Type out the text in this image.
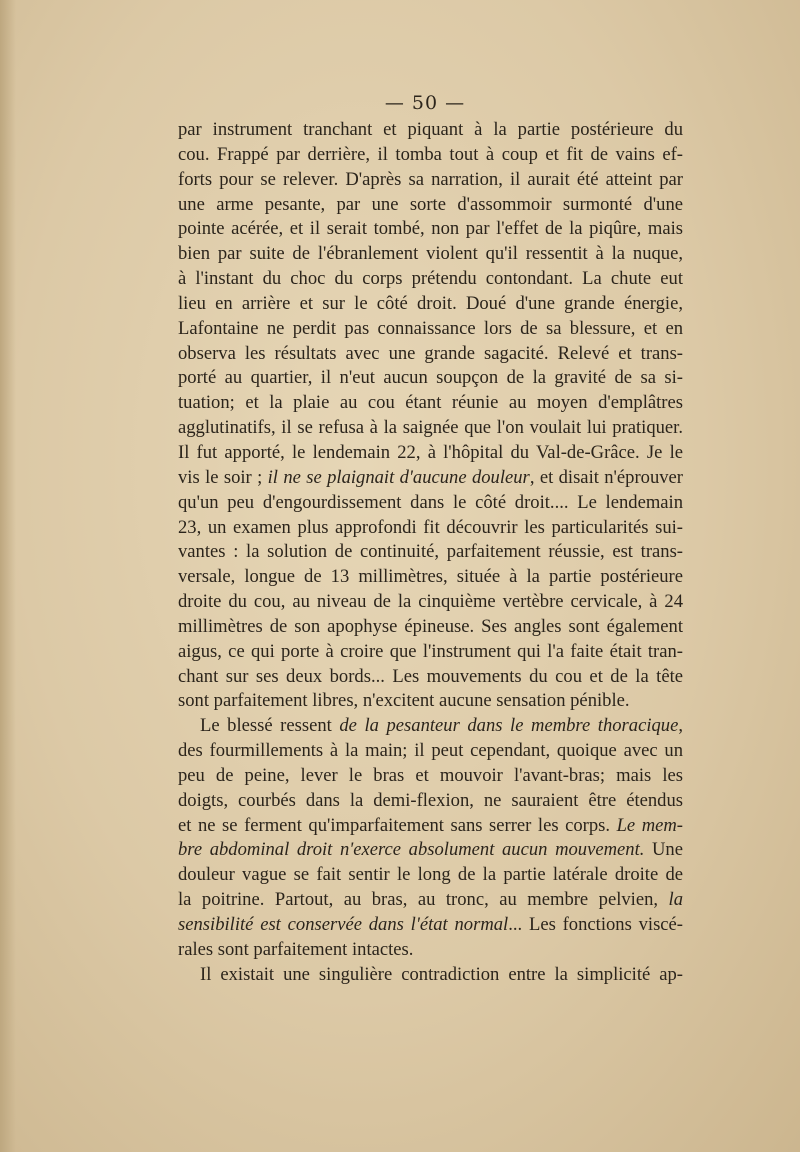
— 50 —
par instrument tranchant et piquant à la partie postérieure du
cou. Frappé par derrière, il tomba tout à coup et fit de vains ef-
forts pour se relever. D'après sa narration, il aurait été atteint par
une arme pesante, par une sorte d'assommoir surmonté d'une
pointe acérée, et il serait tombé, non par l'effet de la piqûre, mais
bien par suite de l'ébranlement violent qu'il ressentit à la nuque,
à l'instant du choc du corps prétendu contondant. La chute eut
lieu en arrière et sur le côté droit. Doué d'une grande énergie,
Lafontaine ne perdit pas connaissance lors de sa blessure, et en
observa les résultats avec une grande sagacité. Relevé et trans-
porté au quartier, il n'eut aucun soupçon de la gravité de sa si-
tuation; et la plaie au cou étant réunie au moyen d'emplâtres
agglutinatifs, il se refusa à la saignée que l'on voulait lui pratiquer.
Il fut apporté, le lendemain 22, à l'hôpital du Val-de-Grâce. Je le
vis le soir ; il ne se plaignait d'aucune douleur, et disait n'éprouver
qu'un peu d'engourdissement dans le côté droit.... Le lendemain
23, un examen plus approfondi fit découvrir les particularités sui-
vantes : la solution de continuité, parfaitement réussie, est trans-
versale, longue de 13 millimètres, située à la partie postérieure
droite du cou, au niveau de la cinquième vertèbre cervicale, à 24
millimètres de son apophyse épineuse. Ses angles sont également
aigus, ce qui porte à croire que l'instrument qui l'a faite était tran-
chant sur ses deux bords... Les mouvements du cou et de la tête
sont parfaitement libres, n'excitent aucune sensation pénible.
Le blessé ressent de la pesanteur dans le membre thoracique,
des fourmillements à la main; il peut cependant, quoique avec un
peu de peine, lever le bras et mouvoir l'avant-bras; mais les
doigts, courbés dans la demi-flexion, ne sauraient être étendus
et ne se ferment qu'imparfaitement sans serrer les corps. Le mem-
bre abdominal droit n'exerce absolument aucun mouvement. Une
douleur vague se fait sentir le long de la partie latérale droite de
la poitrine. Partout, au bras, au tronc, au membre pelvien, la
sensibilité est conservée dans l'état normal... Les fonctions viscé-
rales sont parfaitement intactes.
Il existait une singulière contradiction entre la simplicité ap-
